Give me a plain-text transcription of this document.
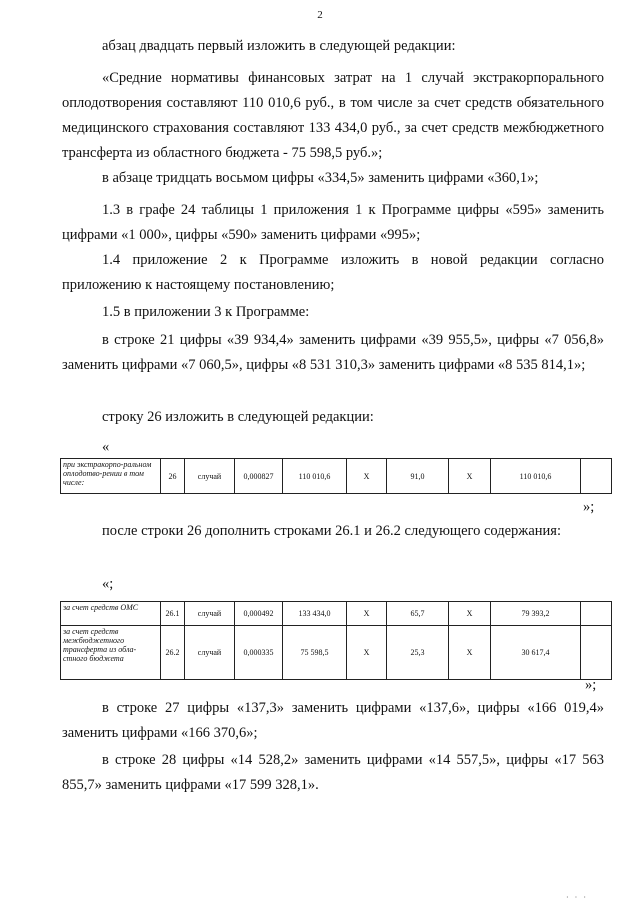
2

абзац двадцать первый изложить в следующей редакции:

«Средние нормативы финансовых затрат на 1 случай экстракорпорального оплодотворения составляют 110 010,6 руб., в том числе за счет средств обязательного медицинского страхования составляют 133 434,0 руб., за счет средств межбюджетного трансферта из областного бюджета - 75 598,5 руб.»;

в абзаце тридцать восьмом цифры «334,5» заменить цифрами «360,1»;

1.3 в графе 24 таблицы 1 приложения 1 к Программе цифры «595» заменить цифрами «1 000», цифры «590» заменить цифрами «995»;

1.4 приложение 2 к Программе изложить в новой редакции согласно приложению к настоящему постановлению;

1.5 в приложении 3 к Программе:

в строке 21 цифры «39 934,4» заменить цифрами «39 955,5», цифры «7 056,8» заменить цифрами «7 060,5», цифры «8 531 310,3» заменить цифрами «8 535 814,1»;

строку 26 изложить в следующей редакции:

«
при экстракорпо-ральном оплодотво-рении в том числе:	26	случай	0,000827	110 010,6	Х	91,0	Х	110 010,6	
»;

после строки 26 дополнить строками 26.1 и 26.2 следующего содержания:

«;
за счет средств ОМС	26.1	случай	0,000492	133 434,0	Х	65,7	Х	79 393,2	
за счет средств межбюджетного трансферта из обла-стного бюджета	26.2	случай	0,000335	75 598,5	Х	25,3	Х	30 617,4	
»;

в строке 27 цифры «137,3» заменить цифрами «137,6», цифры «166 019,4» заменить цифрами «166 370,6»;

в строке 28 цифры «14 528,2» заменить цифрами «14 557,5», цифры «17 563 855,7» заменить цифрами «17 599 328,1».

· · ·
